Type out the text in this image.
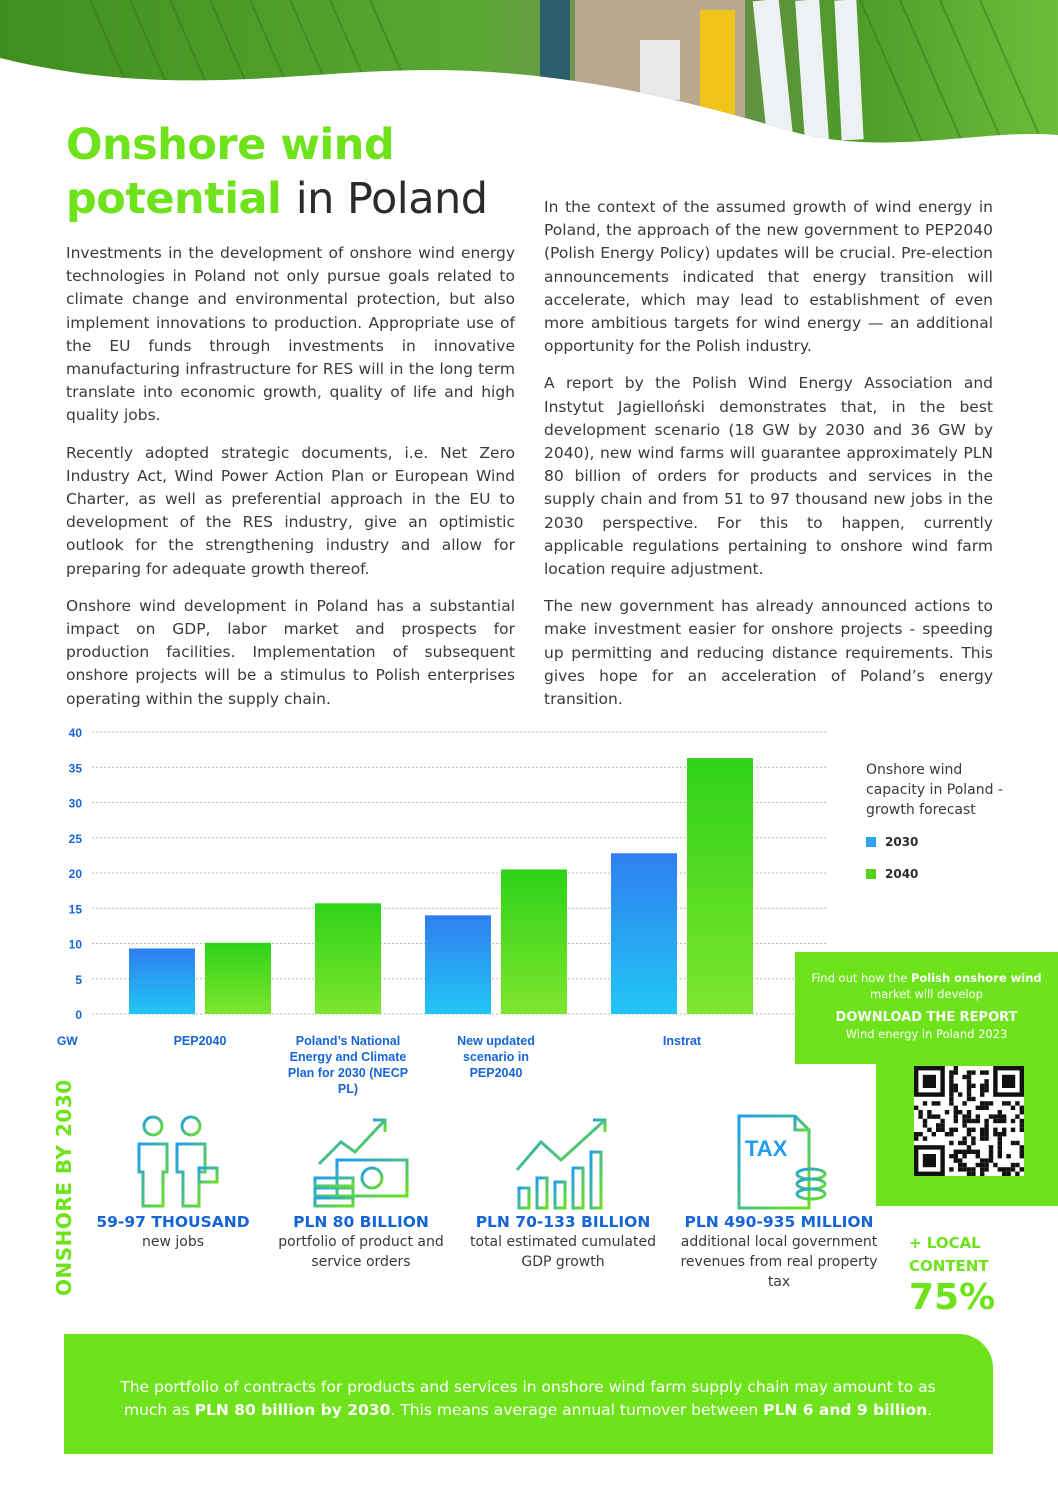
Onshore wind
potential in Poland

Investments in the development of onshore wind energy technologies in Poland not only pursue goals related to climate change and environmental protection, but also implement innovations to production. Appropriate use of the EU funds through investments in innovative manufacturing infrastructure for RES will in the long term translate into economic growth, quality of life and high quality jobs.

Recently adopted strategic documents, i.e. Net Zero Industry Act, Wind Power Action Plan or European Wind Charter, as well as preferential approach in the EU to development of the RES industry, give an optimistic outlook for the strengthening industry and allow for preparing for adequate growth thereof.

Onshore wind development in Poland has a substantial impact on GDP, labor market and prospects for production facilities. Implementation of subsequent onshore projects will be a stimulus to Polish enterprises operating within the supply chain.

In the context of the assumed growth of wind energy in Poland, the approach of the new government to PEP2040 (Polish Energy Policy) updates will be crucial. Pre-election announcements indicated that energy transition will accelerate, which may lead to establishment of even more ambitious targets for wind energy — an additional opportunity for the Polish industry.

A report by the Polish Wind Energy Association and Instytut Jagielloński demonstrates that, in the best development scenario (18 GW by 2030 and 36 GW by 2040), new wind farms will guarantee approximately PLN 80 billion of orders for products and services in the supply chain and from 51 to 97 thousand new jobs in the 2030 perspective. For this to happen, currently applicable regulations pertaining to onshore wind farm location require adjustment.

The new government has already announced actions to make investment easier for onshore projects - speeding up permitting and reducing distance requirements. This gives hope for an acceleration of Poland’s energy transition.

0
5
10
15
20
25
30
35
40
GW	PEP2040	Poland’s National Energy and Climate Plan for 2030 (NECP PL)
New updated scenario in PEP2040
Instrat
Onshore wind capacity in Poland - growth forecast
2030
2040
Find out how the Polish onshore wind market will develop
DOWNLOAD THE REPORT
Wind energy in Poland 2023
ONSHORE BY 2030 59-97 THOUSAND
new jobs
PLN 80 BILLION
portfolio of product and service orders
PLN 70-133 BILLION
total estimated cumulated GDP growth
TAX
PLN 490-935 MILLION
additional local government revenues from real property tax
+ LOCAL CONTENT
75%
The portfolio of contracts for products and services in onshore wind farm supply chain may amount to as much as PLN 80 billion by 2030. This means average annual turnover between PLN 6 and 9 billion.
